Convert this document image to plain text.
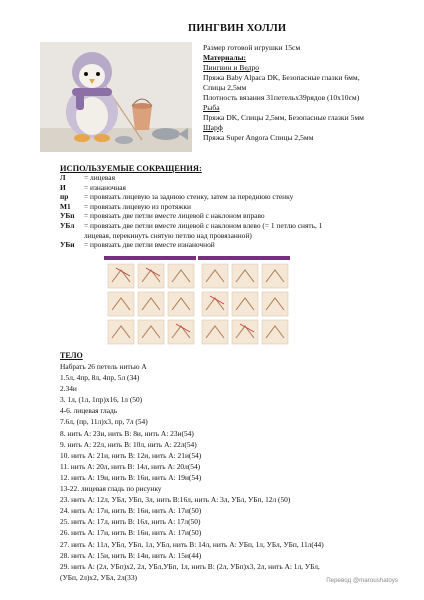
ПИНГВИН ХОЛЛИ
Размер готовой игрушки 15см
Материалы:
Пингвин и Ведро
Пряжа Baby Alpaca DK, Безопасные глазки 6мм,
Спицы 2,5мм
Плотность вязания 31петельх39рядов (10х10см)
Рыба
Пряжа DK, Спицы 2,5мм, Безопасные глазки 5мм
Шарф
Пряжа Super Angora Спицы 2,5мм
ИСПОЛЬЗУЕМЫЕ СОКРАЩЕНИЯ:
Л	= лицевая
И	= изнаночная
пр	= провязать лицевую за заднюю стенку, затем за переднюю стенку
М1	= провязать лицевую из протяжки
УБп	= провязать две петли вместе лицевой с наклоном вправо
УБл	= провязать две петли вместе лицевой с наклоном влево (= 1 петлю снять, 1
лицевая, перекинуть снятую петлю над провязанной)
УБи	= провязать две петли вместе изнаночной
ТЕЛО
Набрать 26 петель нитью А
1.5л, 4пр, 8л, 4пр, 5л (34)
2.34и
3. 1л, (1л, 1пр)х16, 1л (50)
4-6. лицевая гладь
7.6л, (пр, 11л)х3, пр, 7л (54)
8. нить А: 23и, нить В: 8и, нить А: 23и(54)
9. нить А: 22л, нить В: 10л, нить А: 22л(54)
10. нить А: 21и, нить В: 12и, нить А: 21и(54)
11. нить А: 20л, нить В: 14л, нить А: 20л(54)
12. нить А: 19и, нить В: 16и, нить А: 19и(54)
13-22. лицевая гладь по рисунку
23. нить А: 12л, УБл, УБп, 3л, нить В:16л, нить А: 3л, УБл, УБп, 12л (50)
24. нить А: 17и, нить В: 16и, нить А: 17и(50)
25. нить А: 17л, нить В: 16л, нить А: 17л(50)
26. нить А: 17и, нить В: 16и, нить А: 17и(50)
27. нить А: 11л, УБл, УБп, 1л, УБл, нить В: 14л, нить А: УБп, 1л, УБл, УБп, 11л(44)
28. нить А: 15и, нить В: 14и, нить А: 15и(44)
29. нить А: (2л, УБп)х2, 2л, УБл,УБп, 1л, нить В: (2л, УБп)х3, 2л, нить А: 1л, УБл,
(УБп, 2л)х2, УБл, 2л(33)	Перевод @maroushatoys
